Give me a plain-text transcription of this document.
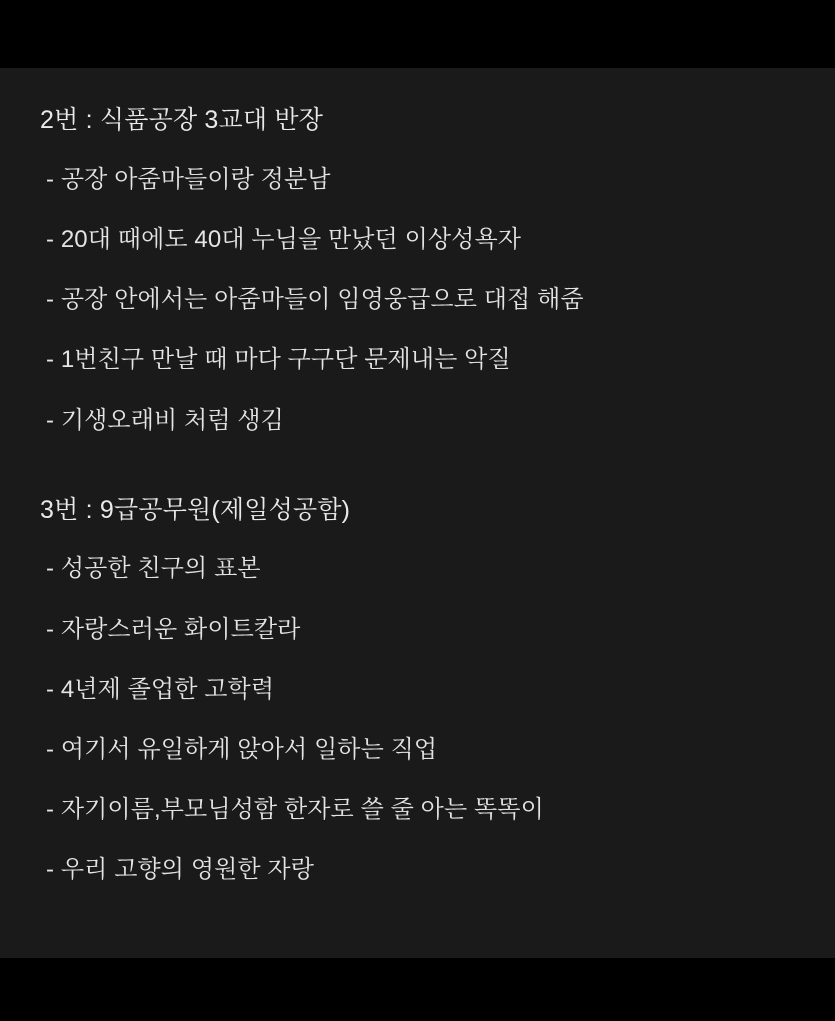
2번 : 식품공장 3교대 반장

- 공장 아줌마들이랑 정분남
- 20대 때에도 40대 누님을 만났던 이상성욕자
- 공장 안에서는 아줌마들이 임영웅급으로 대접 해줌
- 1번친구 만날 때 마다 구구단 문제내는 악질
- 기생오래비 처럼 생김

3번 : 9급공무원(제일성공함)

- 성공한 친구의 표본
- 자랑스러운 화이트칼라
- 4년제 졸업한 고학력
- 여기서 유일하게 앉아서 일하는 직업
- 자기이름,부모님성함 한자로 쓸 줄 아는 똑똑이
- 우리 고향의 영원한 자랑
